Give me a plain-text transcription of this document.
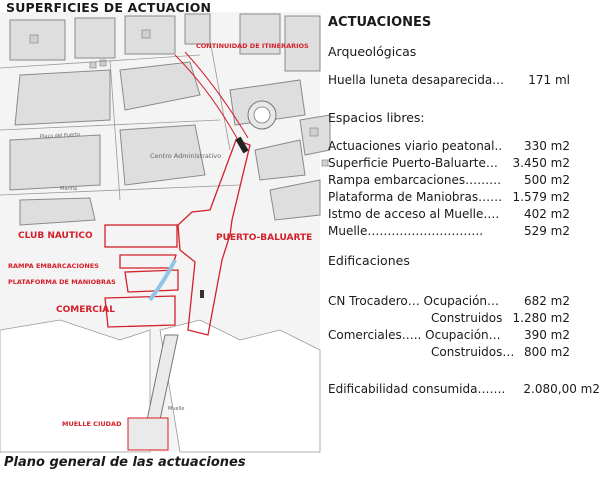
CONTINUIDAD DE ITINERARIOS
CLUB NAUTICO	PUERTO-BALUARTE
RAMPA EMBARCACIONES
PLATAFORMA DE MANIOBRAS
COMERCIAL
MUELLE CIUDAD
Centro Administrativo
Plaza del Puerto
Marina
Muelle
SUPERFICIES DE ACTUACION
ACTUACIONES
Arqueológicas
Huella luneta desaparecida… 171 ml
Espacios libres:
Actuaciones viario peatonal.. 330 m2
Superficie Puerto-Baluarte… 3.450 m2
Rampa embarcaciones……… 500 m2
Plataforma de Maniobras…… 1.579 m2
Istmo de acceso al Muelle…. 402 m2
Muelle………………………..	529 m2
Edificaciones
CN Trocadero… Ocupación… 682 m2
Construidos 1.280 m2
Comerciales….. Ocupación… 390 m2
Construidos… 800 m2
Edificabilidad consumida……. 2.080,00 m2
Plano general de las actuaciones
